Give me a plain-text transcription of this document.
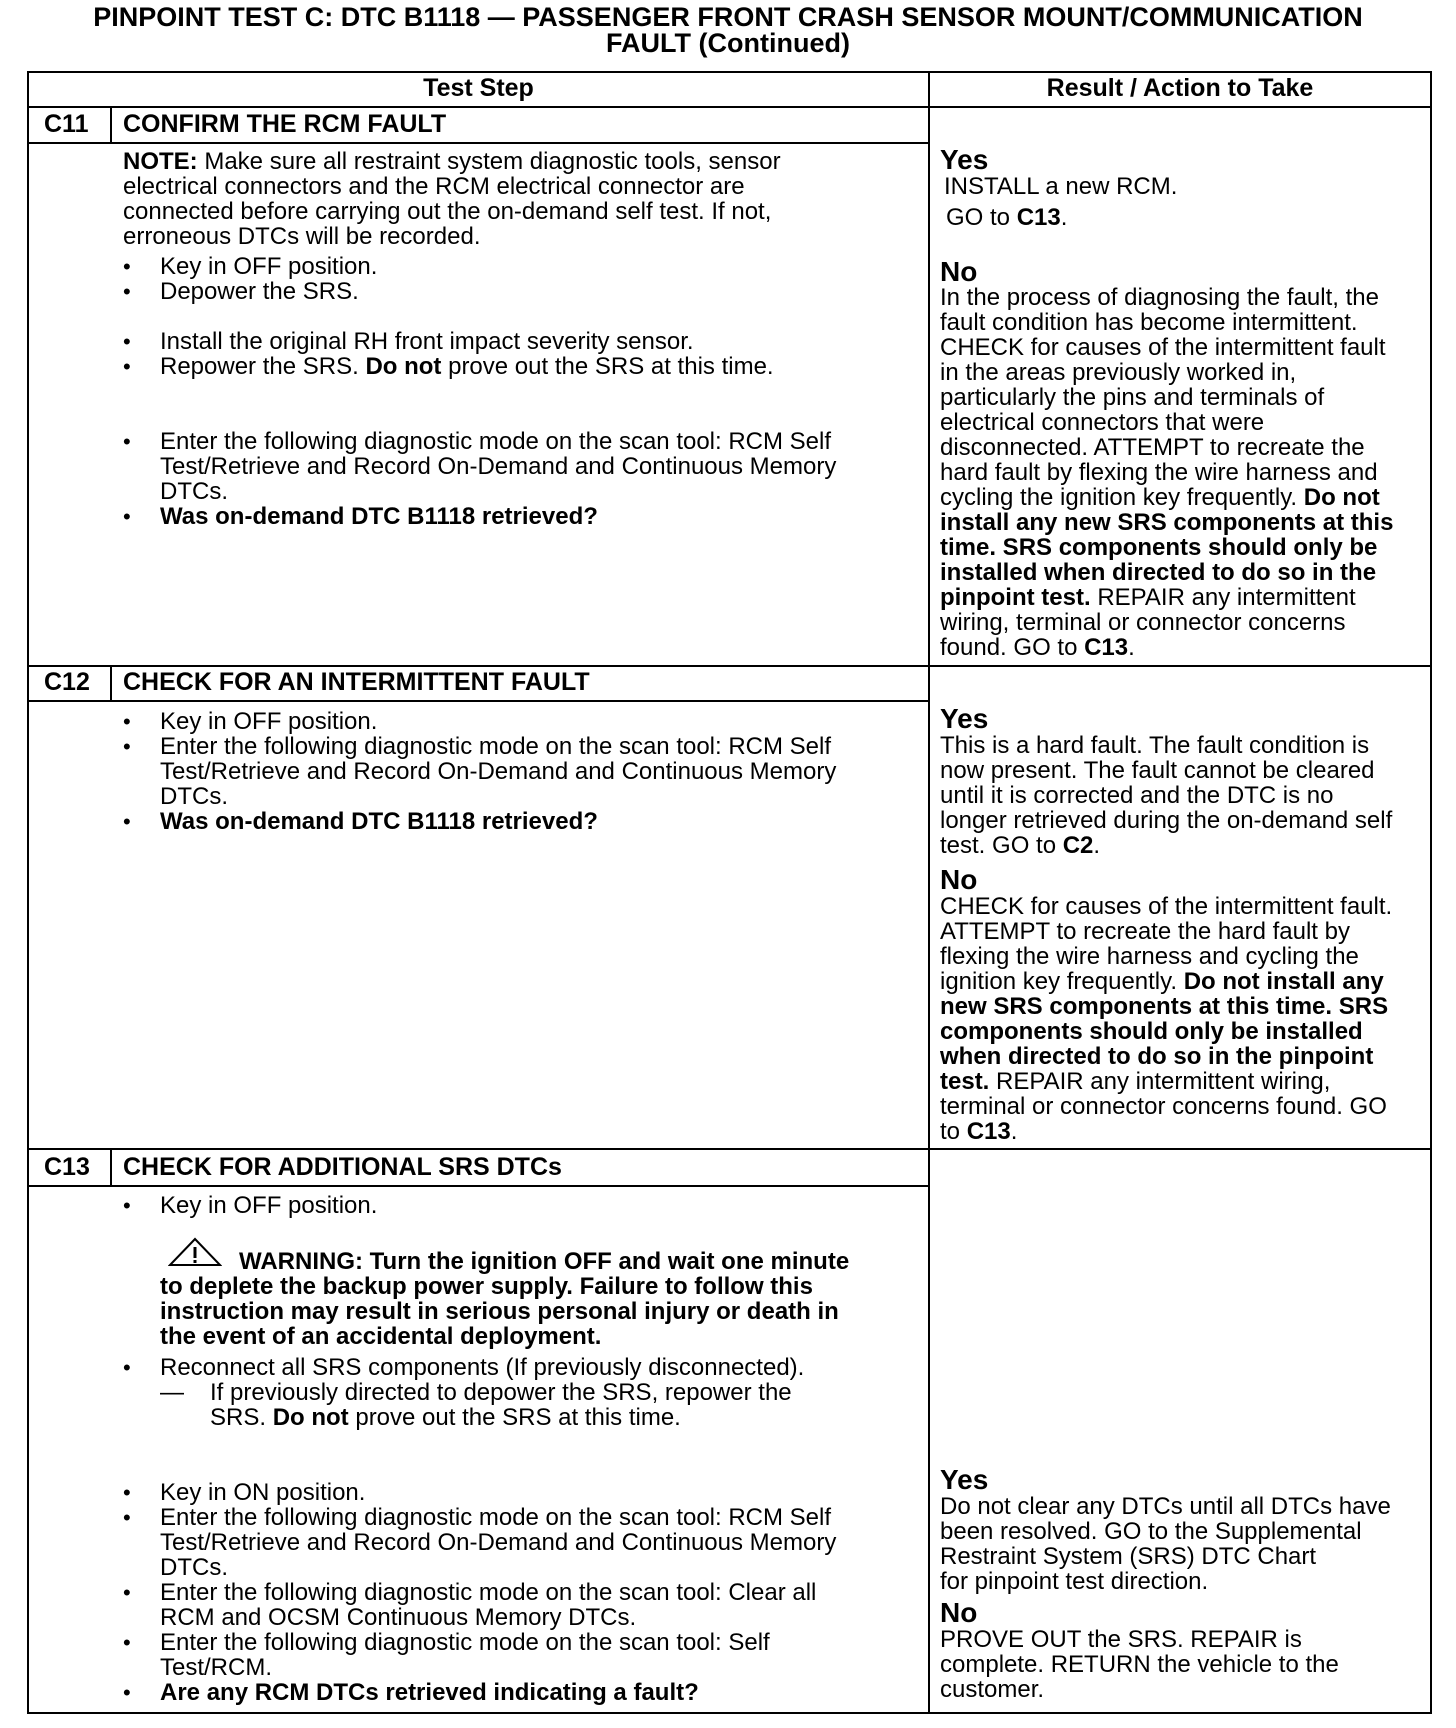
PINPOINT TEST C: DTC B1118 — PASSENGER FRONT CRASH SENSOR MOUNT/COMMUNICATION
FAULT (Continued)
Test Step	Result / Action to Take
C11 CONFIRM THE RCM FAULT
NOTE: Make sure all restraint system diagnostic tools, sensor
electrical connectors and the RCM electrical connector are
connected before carrying out the on-demand self test. If not,
erroneous DTCs will be recorded.
• Key in OFF position.
• Depower the SRS.
• Install the original RH front impact severity sensor.
• Repower the SRS. Do not prove out the SRS at this time.
• Enter the following diagnostic mode on the scan tool: RCM Self
Test/Retrieve and Record On-Demand and Continuous Memory
DTCs.
• Was on-demand DTC B1118 retrieved?
Yes
INSTALL a new RCM.
GO to C13.
No
In the process of diagnosing the fault, the
fault condition has become intermittent.
CHECK for causes of the intermittent fault
in the areas previously worked in,
particularly the pins and terminals of
electrical connectors that were
disconnected. ATTEMPT to recreate the
hard fault by flexing the wire harness and
cycling the ignition key frequently. Do not
install any new SRS components at this
time. SRS components should only be
installed when directed to do so in the
pinpoint test. REPAIR any intermittent
wiring, terminal or connector concerns
found. GO to C13.
C12 CHECK FOR AN INTERMITTENT FAULT
• Key in OFF position.
• Enter the following diagnostic mode on the scan tool: RCM Self
Test/Retrieve and Record On-Demand and Continuous Memory
DTCs.
• Was on-demand DTC B1118 retrieved?
Yes
This is a hard fault. The fault condition is
now present. The fault cannot be cleared
until it is corrected and the DTC is no
longer retrieved during the on-demand self
test. GO to C2.
No
CHECK for causes of the intermittent fault.
ATTEMPT to recreate the hard fault by
flexing the wire harness and cycling the
ignition key frequently. Do not install any
new SRS components at this time. SRS
components should only be installed
when directed to do so in the pinpoint
test. REPAIR any intermittent wiring,
terminal or connector concerns found. GO
to C13.
C13 CHECK FOR ADDITIONAL SRS DTCs
• Key in OFF position.
WARNING: Turn the ignition OFF and wait one minute
to deplete the backup power supply. Failure to follow this
instruction may result in serious personal injury or death in
the event of an accidental deployment.
• Reconnect all SRS components (If previously disconnected).
— If previously directed to depower the SRS, repower the
SRS. Do not prove out the SRS at this time.
• Key in ON position.
• Enter the following diagnostic mode on the scan tool: RCM Self
Test/Retrieve and Record On-Demand and Continuous Memory
DTCs.
• Enter the following diagnostic mode on the scan tool: Clear all
RCM and OCSM Continuous Memory DTCs.
• Enter the following diagnostic mode on the scan tool: Self
Test/RCM.
• Are any RCM DTCs retrieved indicating a fault?
Yes
Do not clear any DTCs until all DTCs have
been resolved. GO to the Supplemental
Restraint System (SRS) DTC Chart
for pinpoint test direction.
No
PROVE OUT the SRS. REPAIR is
complete. RETURN the vehicle to the
customer.
